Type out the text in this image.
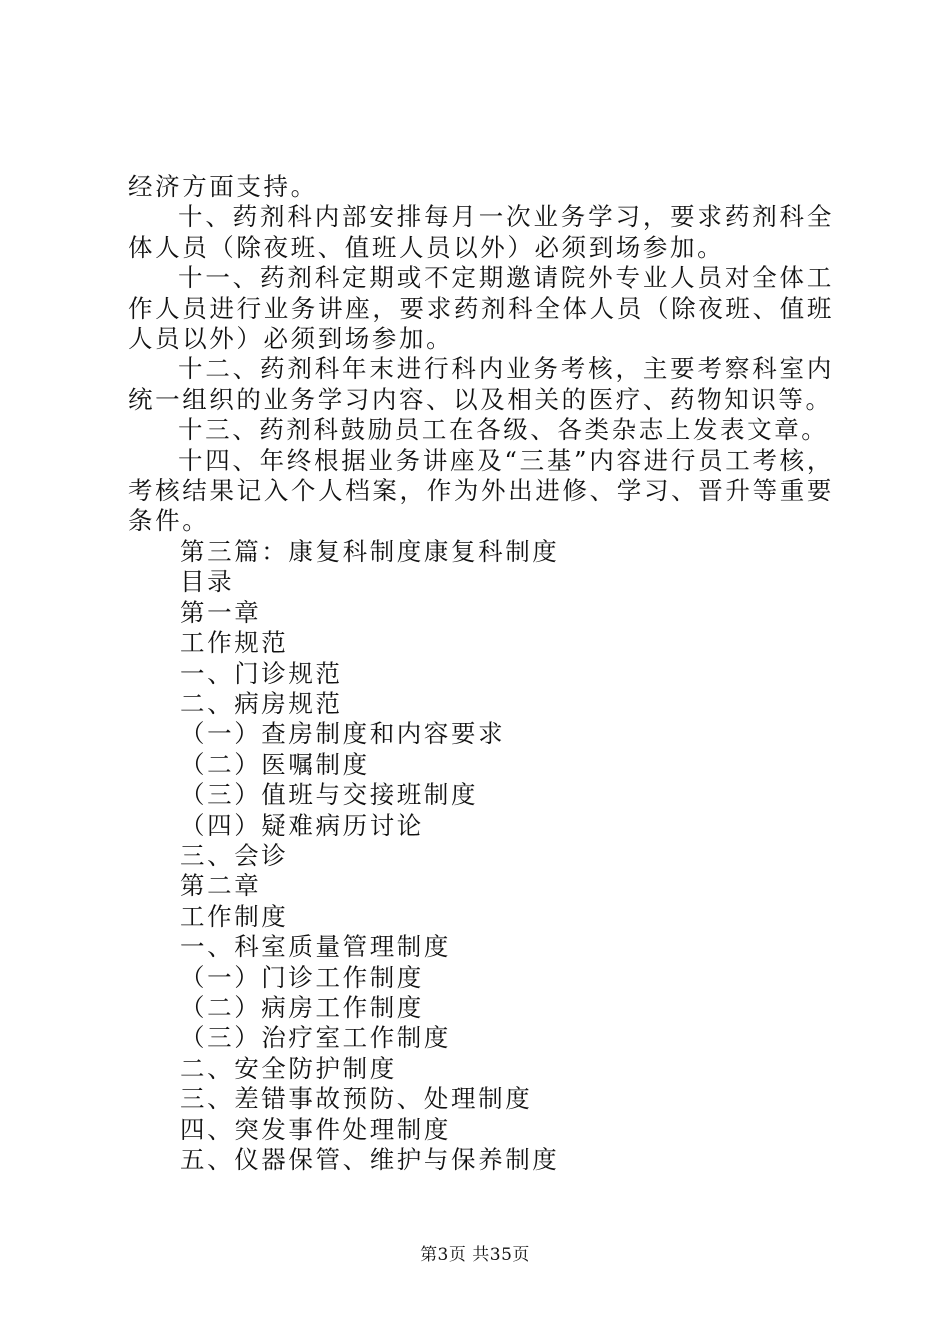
经济方面支持。

十、药剂科内部安排每月一次业务学习，要求药剂科全体人员（除夜班、值班人员以外）必须到场参加。

十一、药剂科定期或不定期邀请院外专业人员对全体工作人员进行业务讲座，要求药剂科全体人员（除夜班、值班人员以外）必须到场参加。

十二、药剂科年末进行科内业务考核，主要考察科室内统一组织的业务学习内容、以及相关的医疗、药物知识等。

十三、药剂科鼓励员工在各级、各类杂志上发表文章。

十四、年终根据业务讲座及“三基”内容进行员工考核，考核结果记入个人档案，作为外出进修、学习、晋升等重要条件。

第三篇：康复科制度康复科制度

目录

第一章

工作规范

一、门诊规范

二、病房规范

（一）查房制度和内容要求

（二）医嘱制度

（三）值班与交接班制度

（四）疑难病历讨论

三、会诊

第二章

工作制度

一、科室质量管理制度

（一）门诊工作制度

（二）病房工作制度

（三）治疗室工作制度

二、安全防护制度

三、差错事故预防、处理制度

四、突发事件处理制度

五、仪器保管、维护与保养制度

第3页 共35页
